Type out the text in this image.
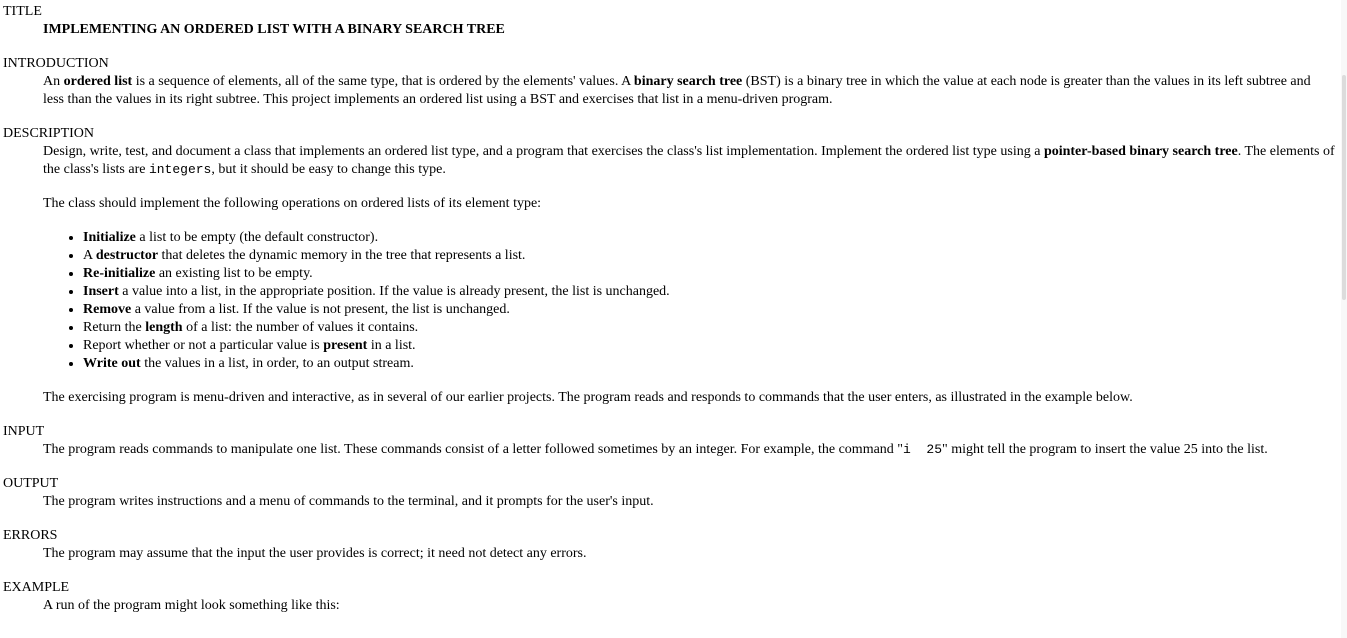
TITLE
IMPLEMENTING AN ORDERED LIST WITH A BINARY SEARCH TREE
INTRODUCTION

An ordered list is a sequence of elements, all of the same type, that is ordered by the elements' values. A binary search tree (BST) is a binary tree in which the value at each node is greater than the values in its left subtree and less than the values in its right subtree. This project implements an ordered list using a BST and exercises that list in a menu-driven program.

DESCRIPTION

Design, write, test, and document a class that implements an ordered list type, and a program that exercises the class's list implementation. Implement the ordered list type using a pointer-based binary search tree. The elements of the class's lists are integers, but it should be easy to change this type.

The class should implement the following operations on ordered lists of its element type:

• Initialize a list to be empty (the default constructor).
• A destructor that deletes the dynamic memory in the tree that represents a list.
• Re-initialize an existing list to be empty.
• Insert a value into a list, in the appropriate position. If the value is already present, the list is unchanged.
• Remove a value from a list. If the value is not present, the list is unchanged.
• Return the length of a list: the number of values it contains.
• Report whether or not a particular value is present in a list.
• Write out the values in a list, in order, to an output stream.

The exercising program is menu-driven and interactive, as in several of our earlier projects. The program reads and responds to commands that the user enters, as illustrated in the example below.

INPUT

The program reads commands to manipulate one list. These commands consist of a letter followed sometimes by an integer. For example, the command "i  25" might tell the program to insert the value 25 into the list.

OUTPUT

The program writes instructions and a menu of commands to the terminal, and it prompts for the user's input.

ERRORS

The program may assume that the input the user provides is correct; it need not detect any errors.

EXAMPLE

A run of the program might look something like this:
